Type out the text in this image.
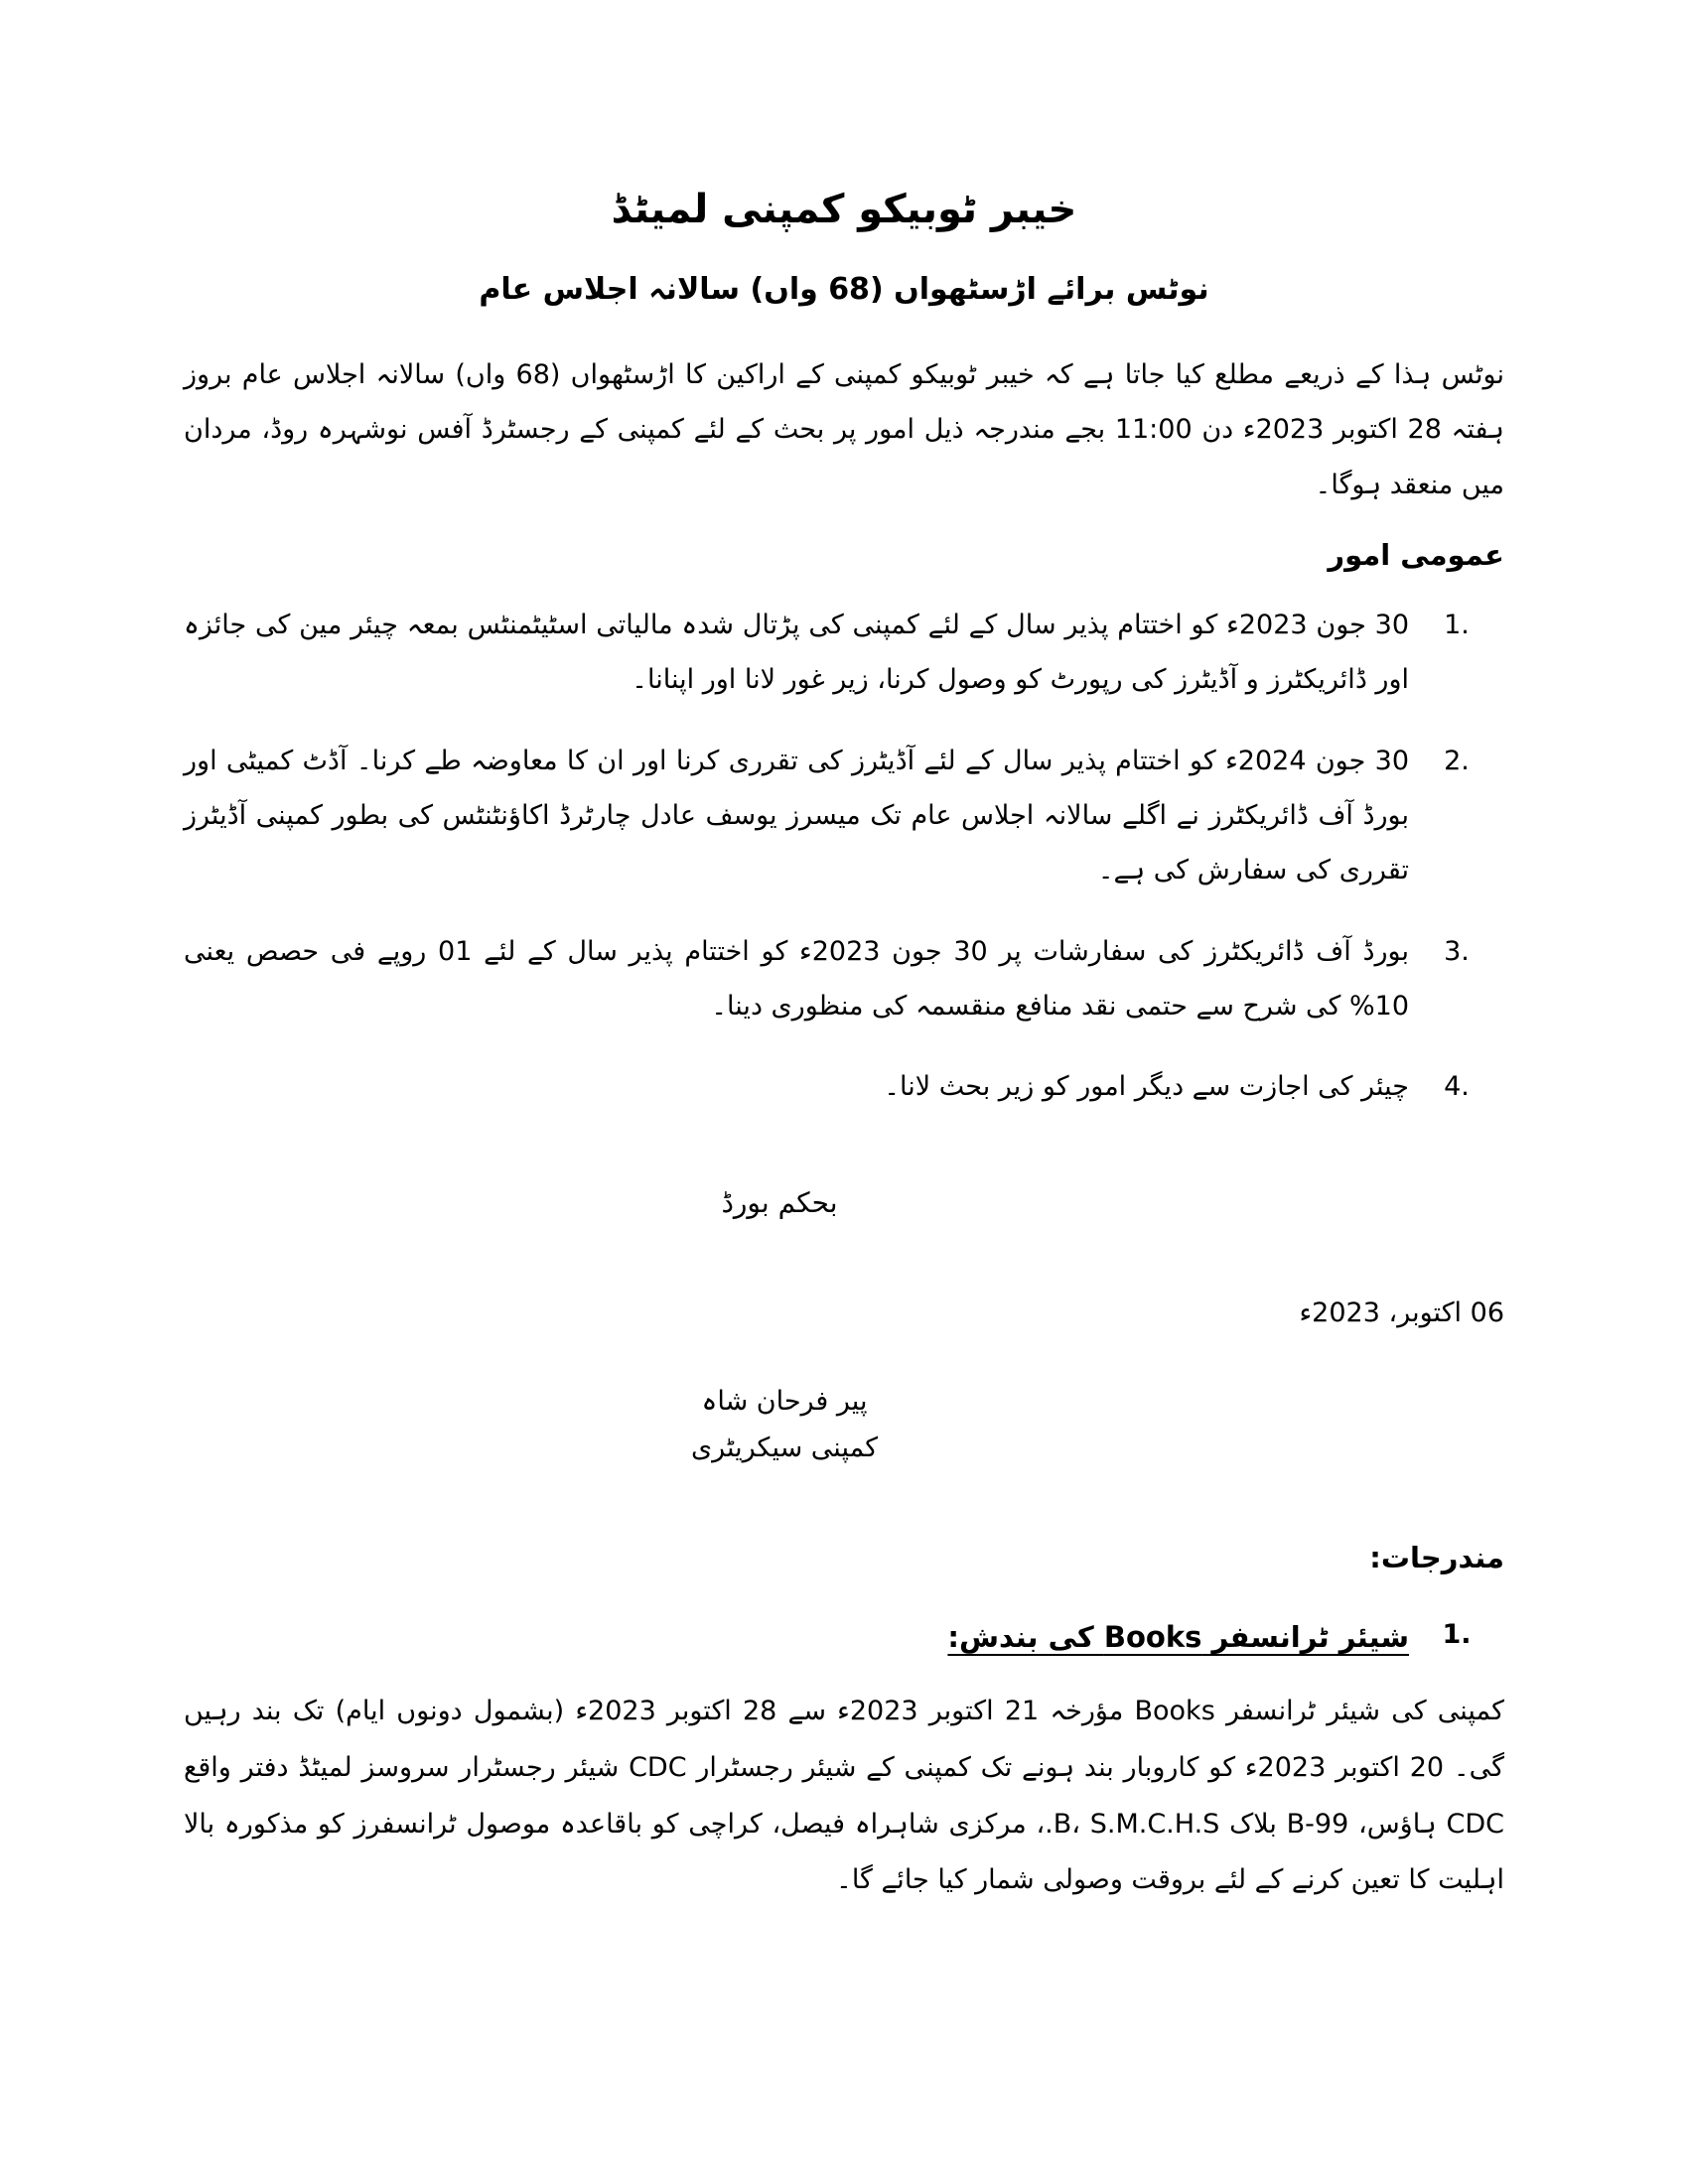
خیبر ٹوبیکو کمپنی لمیٹڈ
نوٹس برائے اڑسٹھواں (68 واں) سالانہ اجلاس عام

نوٹس ہذا کے ذریعے مطلع کیا جاتا ہے کہ خیبر ٹوبیکو کمپنی کے اراکین کا اڑسٹھواں (68 واں) سالانہ اجلاس عام بروز ہفتہ 28 اکتوبر 2023ء دن 11:00 بجے مندرجہ ذیل امور پر بحث کے لئے کمپنی کے رجسٹرڈ آفس نوشہرہ روڈ، مردان میں منعقد ہوگا۔

عمومی امور
1.
30 جون 2023ء کو اختتام پذیر سال کے لئے کمپنی کی پڑتال شدہ مالیاتی اسٹیٹمنٹس بمعہ چیئر مین کی جائزہ اور ڈائریکٹرز و آڈیٹرز کی رپورٹ کو وصول کرنا، زیر غور لانا اور اپنانا۔
2.
30 جون 2024ء کو اختتام پذیر سال کے لئے آڈیٹرز کی تقرری کرنا اور ان کا معاوضہ طے کرنا۔ آڈٹ کمیٹی اور بورڈ آف ڈائریکٹرز نے اگلے سالانہ اجلاس عام تک میسرز یوسف عادل چارٹرڈ اکاؤنٹنٹس کی بطور کمپنی آڈیٹرز تقرری کی سفارش کی ہے۔
3.
بورڈ آف ڈائریکٹرز کی سفارشات پر 30 جون 2023ء کو اختتام پذیر سال کے لئے 01 روپے فی حصص یعنی 10% کی شرح سے حتمی نقد منافع منقسمہ کی منظوری دینا۔
4.
چیئر کی اجازت سے دیگر امور کو زیر بحث لانا۔
بحکم بورڈ
06 اکتوبر، 2023ء
پیر فرحان شاہ
کمپنی سیکریٹری
مندرجات:
1.
شیئر ٹرانسفر Books کی بندش:
کمپنی کی شیئر ٹرانسفر Books مؤرخہ 21 اکتوبر 2023ء سے 28 اکتوبر 2023ء (بشمول دونوں ایام) تک بند رہیں گی۔ 20 اکتوبر 2023ء کو کاروبار بند ہونے تک کمپنی کے شیئر رجسٹرار CDC شیئر رجسٹرار سروسز لمیٹڈ دفتر واقع CDC ہاؤس، B-99 بلاک B، S.M.C.H.S.، مرکزی شاہراہ فیصل، کراچی کو باقاعدہ موصول ٹرانسفرز کو مذکورہ بالا اہلیت کا تعین کرنے کے لئے بروقت وصولی شمار کیا جائے گا۔
